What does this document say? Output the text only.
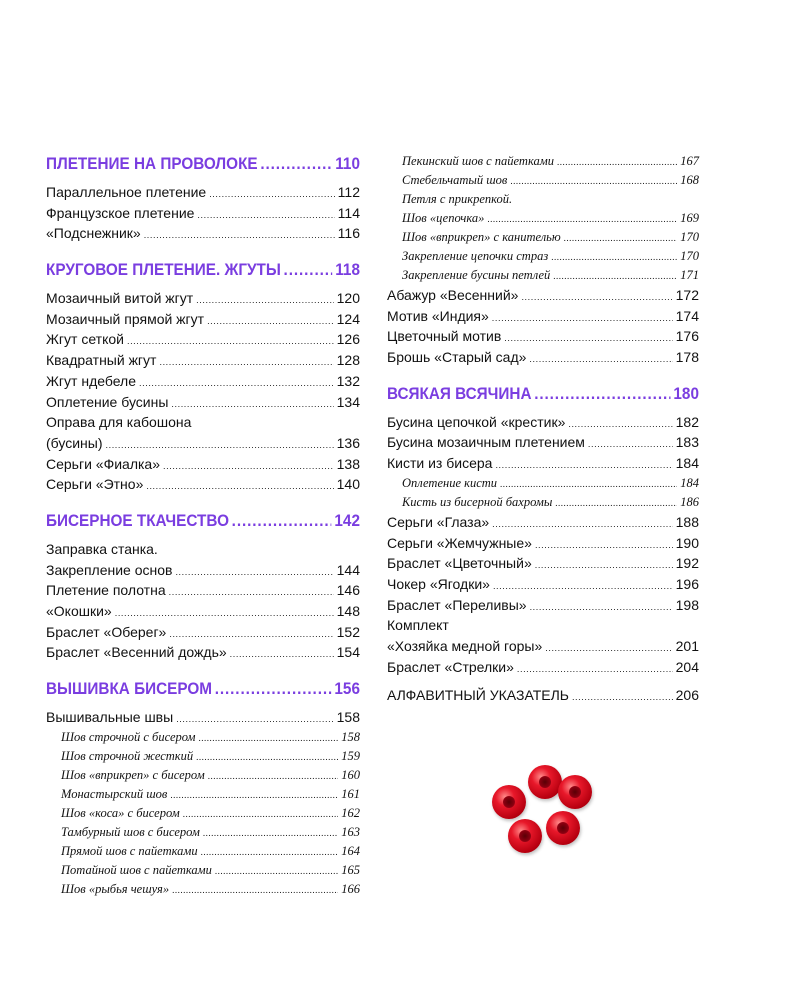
ПЛЕТЕНИЕ НА ПРОВОЛОКЕ .....	110
Параллельное плетение .....	112
Французское плетение .....	114
«Подснежник» .....	116
КРУГОВОЕ ПЛЕТЕНИЕ. ЖГУТЫ .....	118
Мозаичный витой жгут .....	120
Мозаичный прямой жгут .....	124
Жгут сеткой .....	126
Квадратный жгут .....	128
Жгут ндебеле .....	132
Оплетение бусины .....	134
Оправа для кабошона
(бусины) .....	136
Серьги «Фиалка» .....	138
Серьги «Этно» .....	140
БИСЕРНОЕ ТКАЧЕСТВО .....	142
Заправка станка.
Закрепление основ .....	144
Плетение полотна .....	146
«Окошки» .....	148
Браслет «Оберег» .....	152
Браслет «Весенний дождь» .....	154
ВЫШИВКА БИСЕРОМ .....	156
Вышивальные швы .....	158
Шов строчной с бисером .....	158
Шов строчной жесткий .....	159
Шов «вприкреп» с бисером .....	160
Монастырский шов .....	161
Шов «коса» с бисером .....	162
Тамбурный шов с бисером .....	163
Прямой шов с пайетками .....	164
Потайной шов с пайетками .....	165
Шов «рыбья чешуя» .....	166
Пекинский шов с пайетками .....	167
Стебельчатый шов .....	168
Петля с прикрепкой.
Шов «цепочка» .....	169
Шов «вприкреп» с канителью .....	170
Закрепление цепочки страз .....	170
Закрепление бусины петлей .....	171
Абажур «Весенний» .....	172
Мотив «Индия» .....	174
Цветочный мотив .....	176
Брошь «Старый сад» .....	178
ВСЯКАЯ ВСЯЧИНА .....	180
Бусина цепочкой «крестик» .....	182
Бусина мозаичным плетением .....	183
Кисти из бисера .....	184
Оплетение кисти .....	184
Кисть из бисерной бахромы .....	186
Серьги «Глаза» .....	188
Серьги «Жемчужные» .....	190
Браслет «Цветочный» .....	192
Чокер «Ягодки» .....	196
Браслет «Переливы» .....	198
Комплект
«Хозяйка медной горы» .....	201
Браслет «Стрелки» .....	204
АЛФАВИТНЫЙ УКАЗАТЕЛЬ .....	206
